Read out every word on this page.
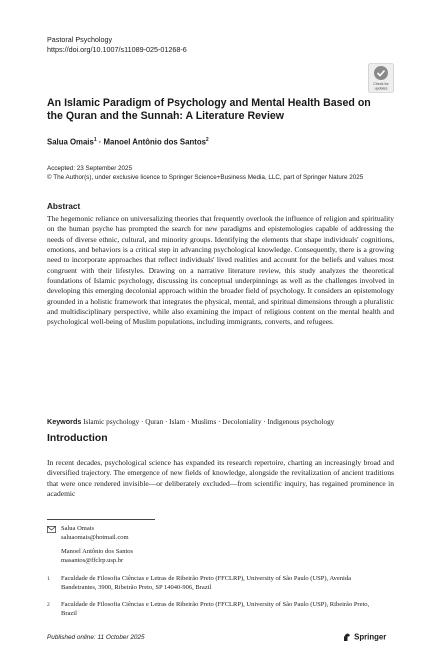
Pastoral Psychology
https://doi.org/10.1007/s11089-025-01268-6
Check for
updates
An Islamic Paradigm of Psychology and Mental Health Based on the Quran and the Sunnah: A Literature Review
Salua Omais$^1$ · Manoel Antônio dos Santos$^2$
Accepted: 23 September 2025
© The Author(s), under exclusive licence to Springer Science+Business Media, LLC, part of Springer Nature 2025
Abstract
The hegemonic reliance on universalizing theories that frequently overlook the influence of religion and spirituality on the human psyche has prompted the search for new paradigms and epistemologies capable of addressing the needs of diverse ethnic, cultural, and minority groups. Identifying the elements that shape individuals' cognitions, emotions, and behaviors is a critical step in advancing psychological knowledge. Consequently, there is a growing need to incorporate approaches that reflect individuals' lived realities and account for the beliefs and values most congruent with their lifestyles. Drawing on a narrative literature review, this study analyzes the theoretical foundations of Islamic psychology, discussing its conceptual underpinnings as well as the challenges involved in developing this emerging decolonial approach within the broader field of psychology. It considers an epistemology grounded in a holistic framework that integrates the physical, mental, and spiritual dimensions through a pluralistic and multidisciplinary perspective, while also examining the impact of religious content on the mental health and psychological well-being of Muslim populations, including immigrants, converts, and refugees.
Keywords Islamic psychology · Quran · Islam · Muslims · Decoloniality · Indigenous psychology
Introduction
In recent decades, psychological science has expanded its research repertoire, charting an increasingly broad and diversified trajectory. The emergence of new fields of knowledge, alongside the revitalization of ancient traditions that were once rendered invisible—or deliberately excluded—from scientific inquiry, has regained prominence in academic
Salua Omais
saluaomais@hotmail.com
Manoel Antônio dos Santos
masantos@ffclrp.usp.br
1 Faculdade de Filosofia Ciências e Letras de Ribeirão Preto (FFCLRP), University of São Paulo (USP), Avenida Bandeirantes, 3900, Ribeirão Preto, SP 14040-906, Brazil
2 Faculdade de Filosofia Ciências e Letras de Ribeirão Preto (FFCLRP), University of São Paulo (USP), Ribeirão Preto, Brazil
Published online: 11 October 2025	Springer
